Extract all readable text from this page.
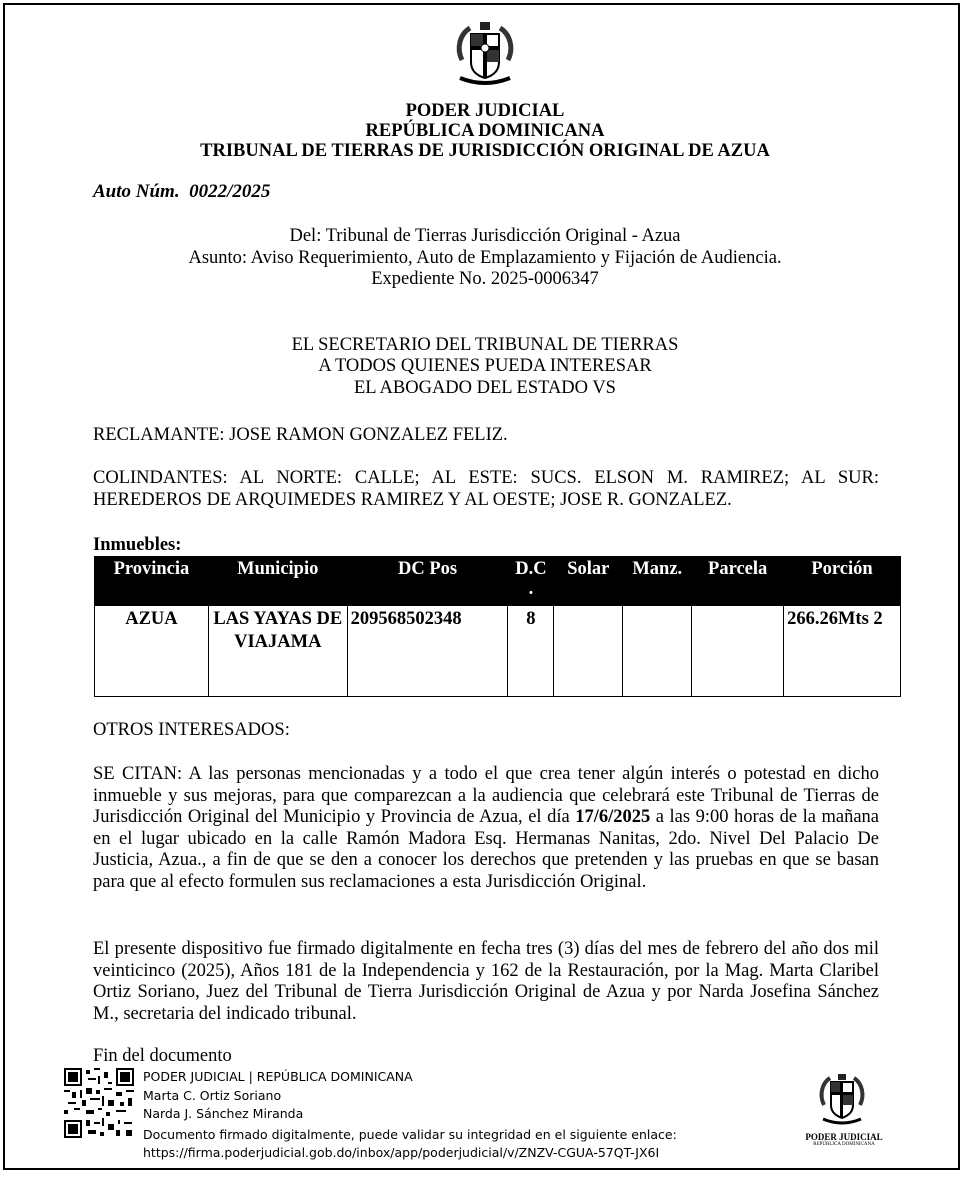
PODER JUDICIAL
REPÚBLICA DOMINICANA
TRIBUNAL DE TIERRAS DE JURISDICCIÓN ORIGINAL DE AZUA
Auto Núm.  0022/2025
Del: Tribunal de Tierras Jurisdicción Original - Azua
Asunto: Aviso Requerimiento, Auto de Emplazamiento y Fijación de Audiencia.
Expediente No. 2025-0006347
EL SECRETARIO DEL TRIBUNAL DE TIERRAS
A TODOS QUIENES PUEDA INTERESAR
EL ABOGADO DEL ESTADO VS
RECLAMANTE: JOSE RAMON GONZALEZ FELIZ.
COLINDANTES: AL NORTE: CALLE; AL ESTE: SUCS. ELSON M. RAMIREZ; AL SUR: HEREDEROS DE ARQUIMEDES RAMIREZ Y AL OESTE; JOSE R. GONZALEZ.
Inmuebles:
Provincia	Municipio	DC Pos	D.C .	Solar	Manz.	Parcela	Porción
AZUA	LAS YAYAS DE VIAJAMA	209568502348	8				266.26Mts 2
OTROS INTERESADOS:
SE CITAN: A las personas mencionadas y a todo el que crea tener algún interés o potestad en dicho inmueble y sus mejoras, para que comparezcan a la audiencia que celebrará este Tribunal de Tierras de Jurisdicción Original del Municipio y Provincia de Azua, el día 17/6/2025 a las 9:00 horas de la mañana en el lugar ubicado en la calle Ramón Madora Esq. Hermanas Nanitas, 2do. Nivel Del Palacio De Justicia, Azua., a fin de que se den a conocer los derechos que pretenden y las pruebas en que se basan para que al efecto formulen sus reclamaciones a esta Jurisdicción Original.
El presente dispositivo fue firmado digitalmente en fecha tres (3) días del mes de febrero del año dos mil veinticinco (2025), Años 181 de la Independencia y 162 de la Restauración, por la Mag. Marta Claribel Ortiz Soriano, Juez del Tribunal de Tierra Jurisdicción Original de Azua y por Narda Josefina Sánchez M., secretaria del indicado tribunal.
Fin del documento
PODER JUDICIAL | REPÚBLICA DOMINICANA
Marta C. Ortiz Soriano
Narda J. Sánchez Miranda
Documento firmado digitalmente, puede validar su integridad en el siguiente enlace:
https://firma.poderjudicial.gob.do/inbox/app/poderjudicial/v/ZNZV-CGUA-57QT-JX6I
PODER JUDICIAL
REPÚBLICA DOMINICANA
